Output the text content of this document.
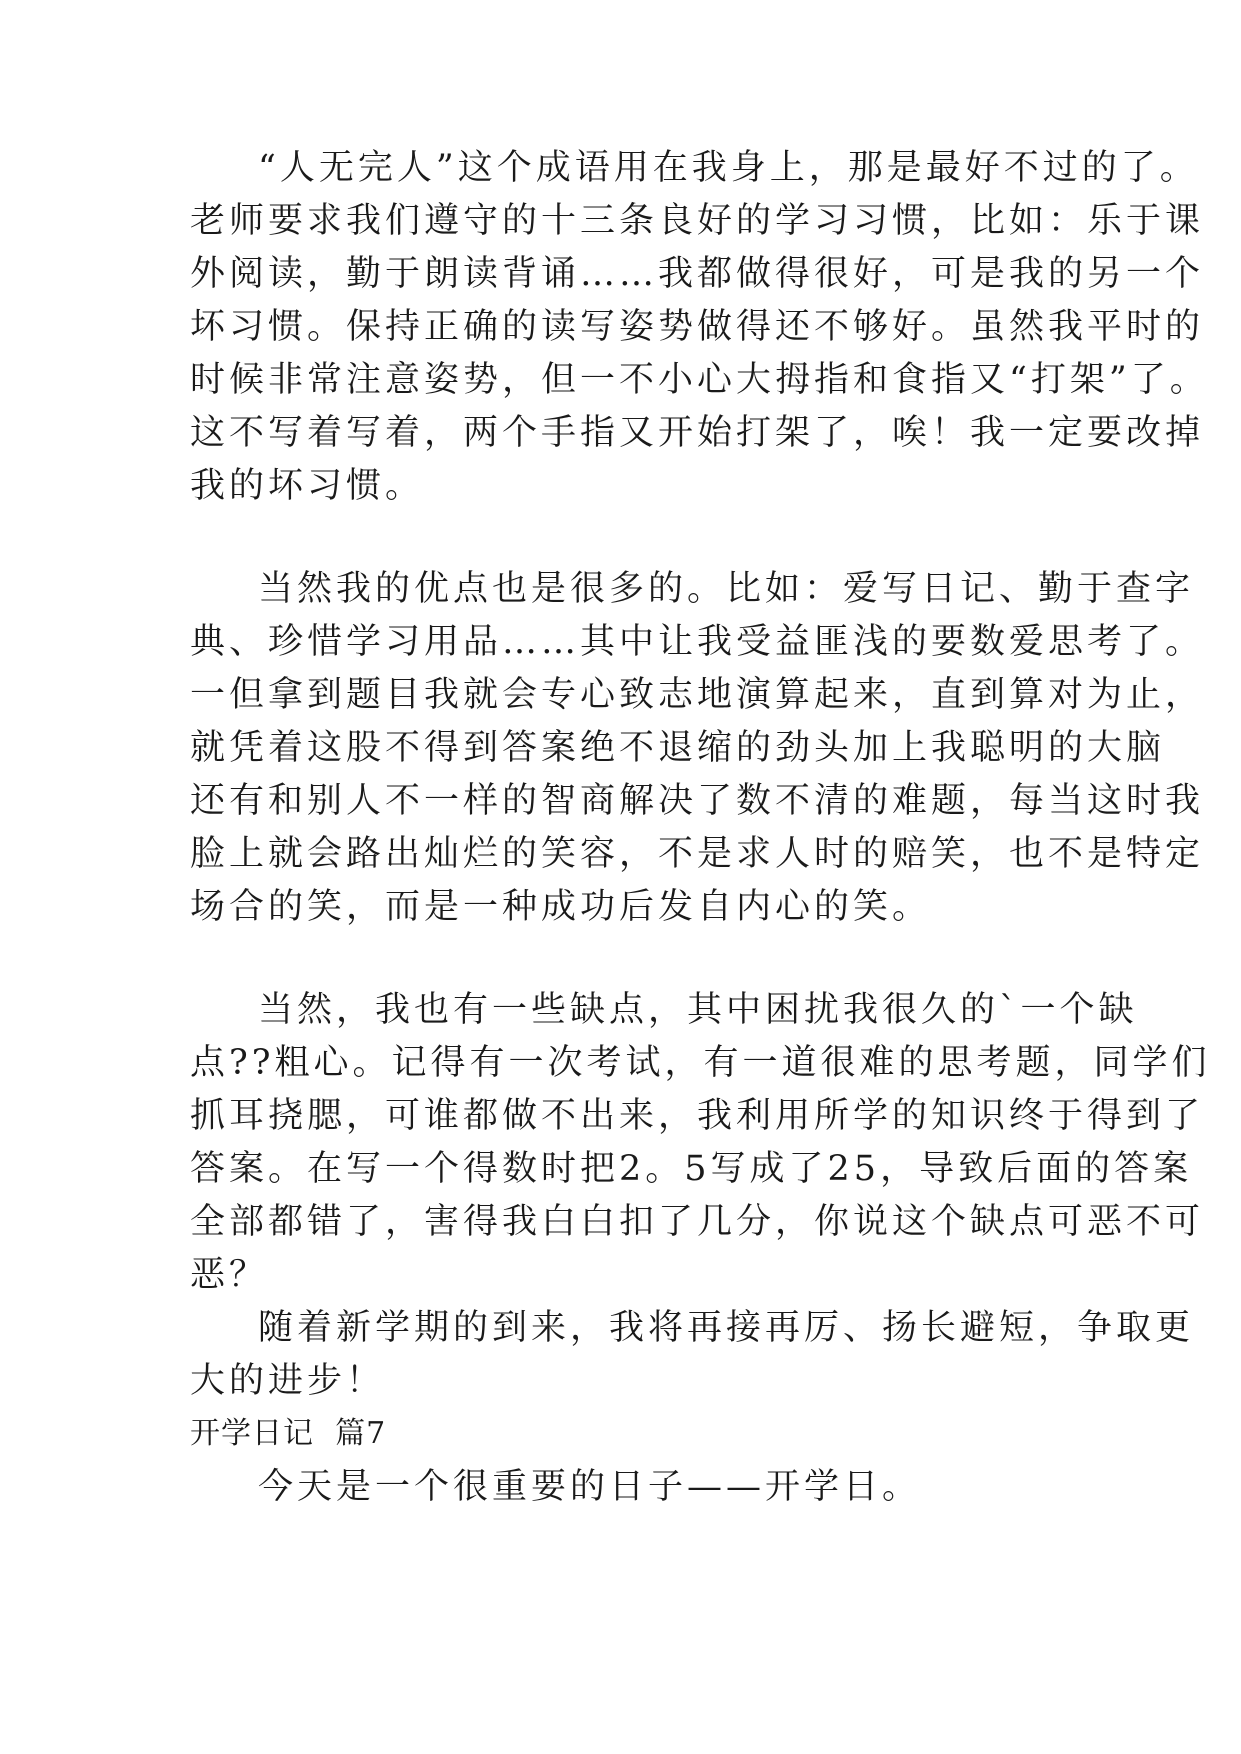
“人无完人”这个成语用在我身上，那是最好不过的了。
老师要求我们遵守的十三条良好的学习习惯，比如：乐于课
外阅读，勤于朗读背诵……我都做得很好，可是我的另一个
坏习惯。保持正确的读写姿势做得还不够好。虽然我平时的
时候非常注意姿势，但一不小心大拇指和食指又“打架”了。
这不写着写着，两个手指又开始打架了，唉！我一定要改掉
我的坏习惯。
当然我的优点也是很多的。比如：爱写日记、勤于查字
典、珍惜学习用品……其中让我受益匪浅的要数爱思考了。
一但拿到题目我就会专心致志地演算起来，直到算对为止，
就凭着这股不得到答案绝不退缩的劲头加上我聪明的大脑
还有和别人不一样的智商解决了数不清的难题，每当这时我
脸上就会路出灿烂的笑容，不是求人时的赔笑，也不是特定
场合的笑，而是一种成功后发自内心的笑。
当然，我也有一些缺点，其中困扰我很久的`一个缺
点??粗心。记得有一次考试，有一道很难的思考题，同学们
抓耳挠腮，可谁都做不出来，我利用所学的知识终于得到了
答案。在写一个得数时把2。5写成了25，导致后面的答案
全部都错了，害得我白白扣了几分，你说这个缺点可恶不可
恶？
随着新学期的到来，我将再接再厉、扬长避短，争取更
大的进步！
开学日记  篇7
今天是一个很重要的日子——开学日。
